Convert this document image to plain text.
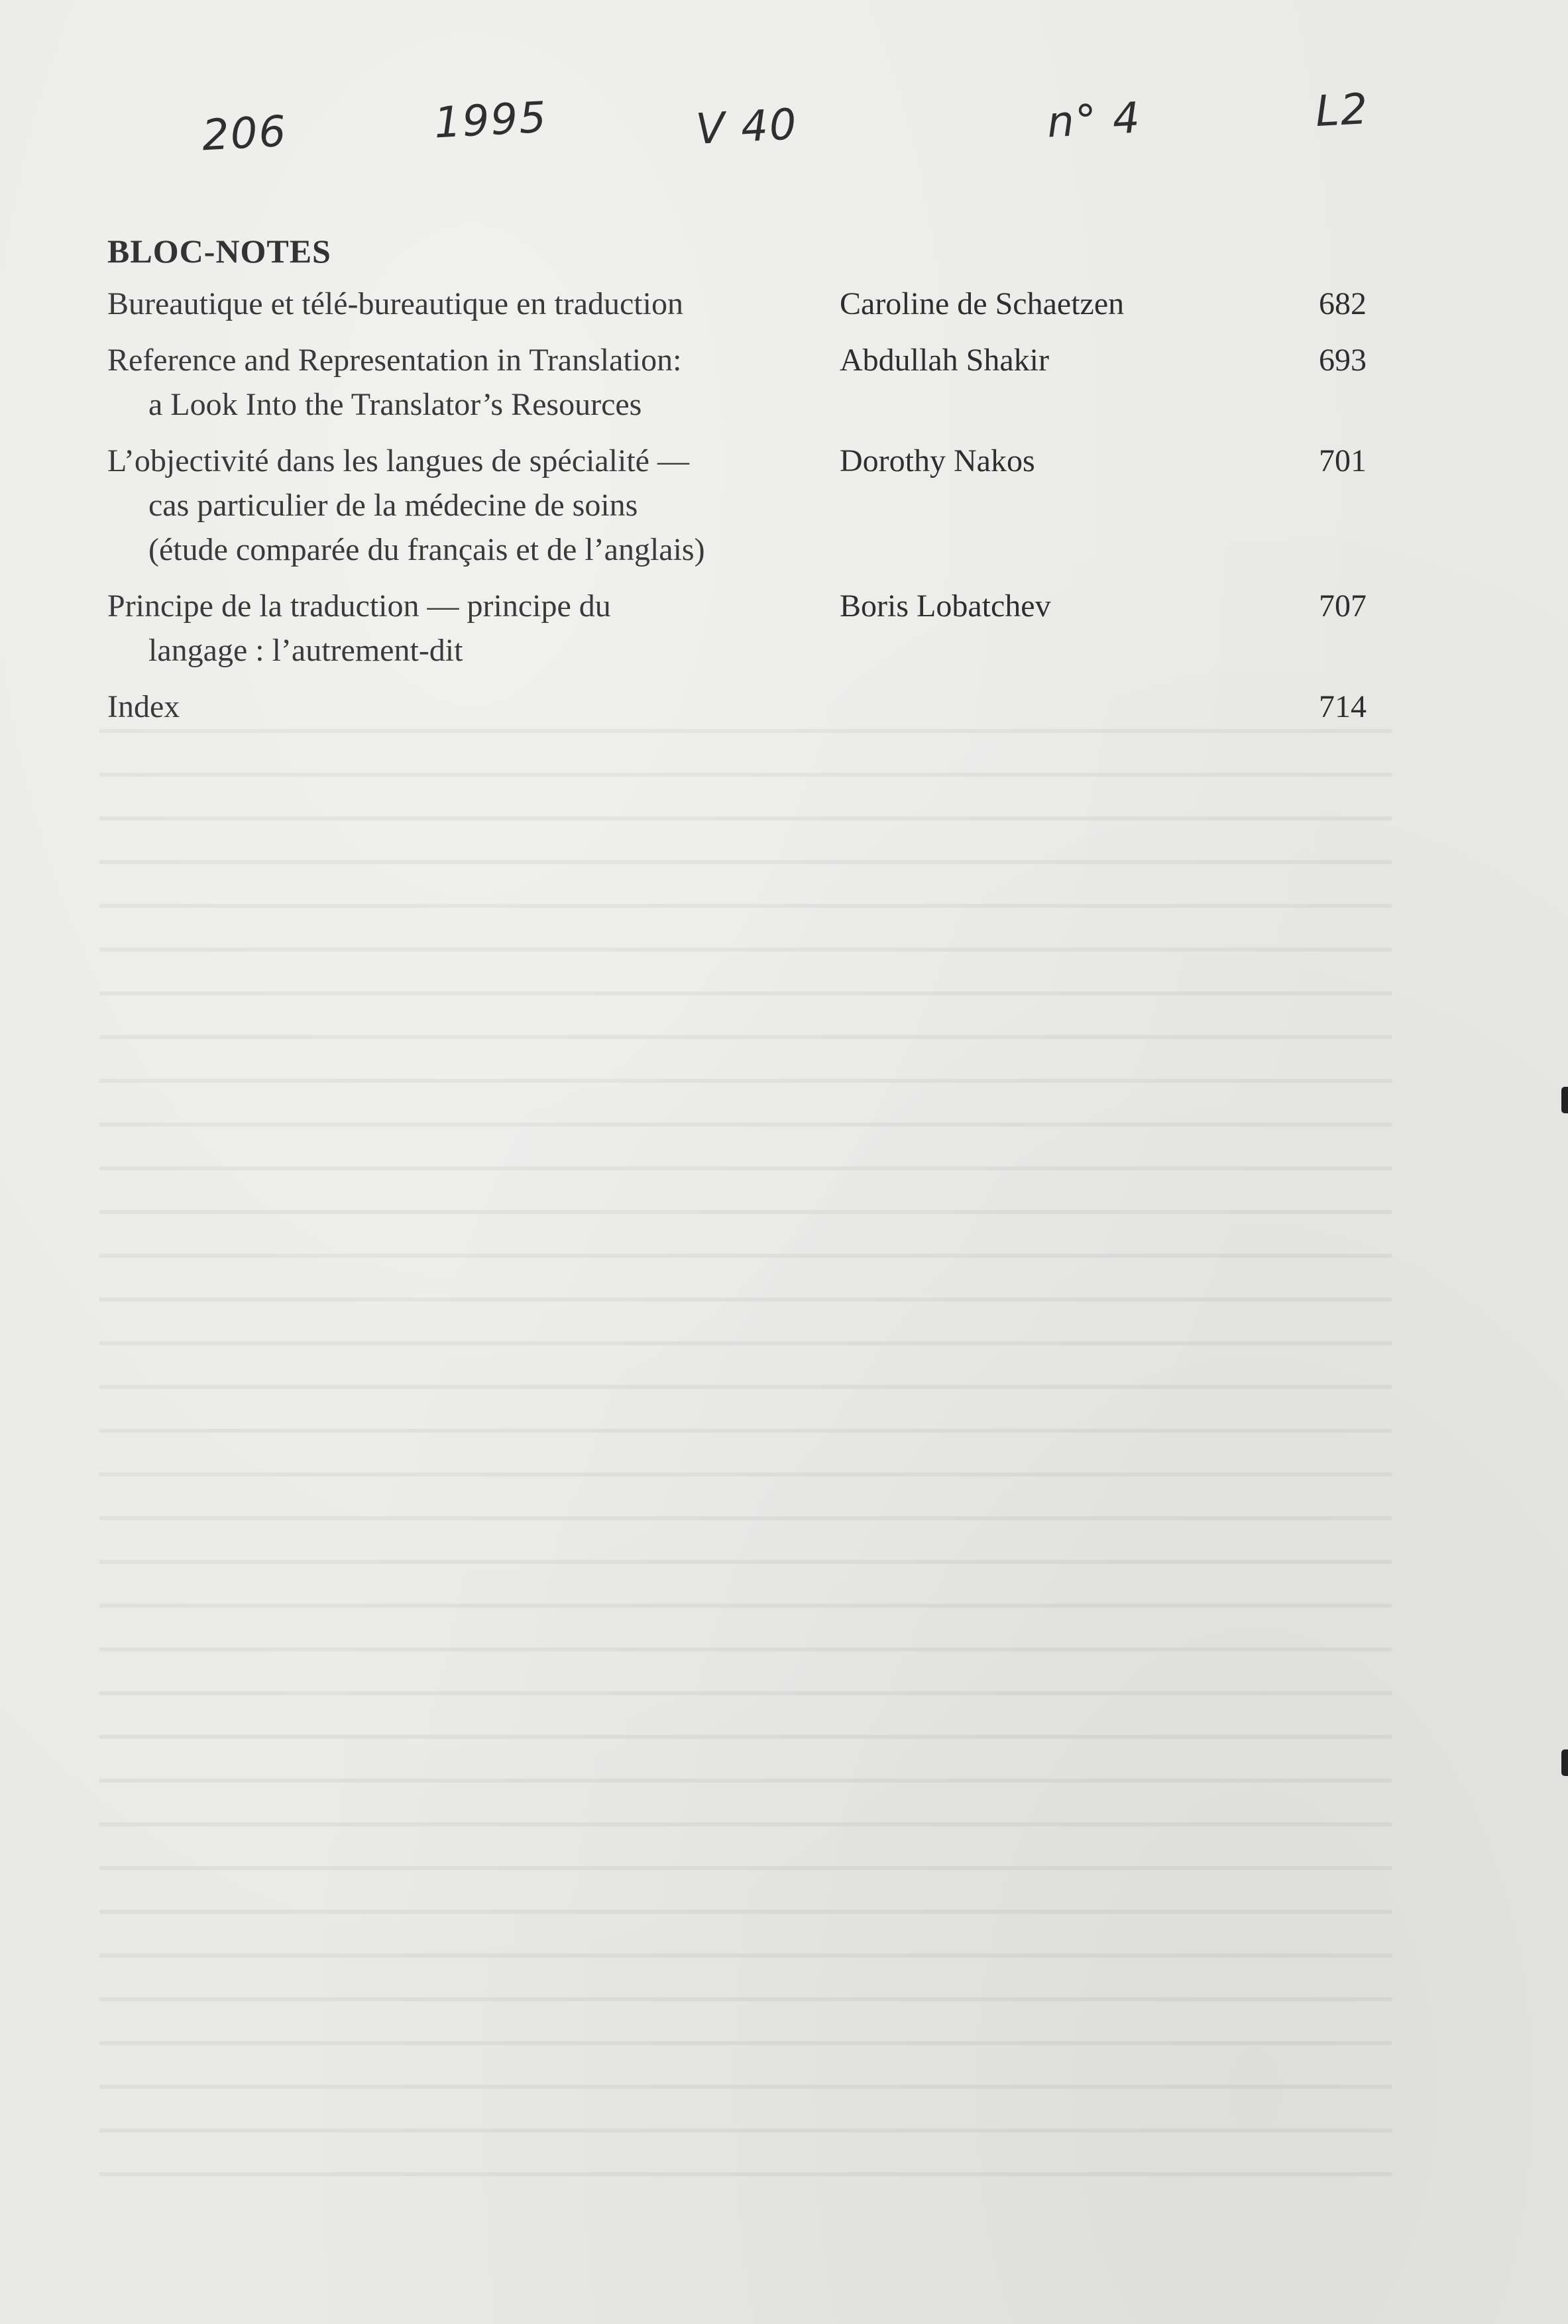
206	1995	V 40	n° 4	L2
BLOC-NOTES
Bureautique et télé-bureautique en traduction	Caroline de Schaetzen	682
Reference and Representation in Translation:
a Look Into the Translator’s Resources
Abdullah Shakir	693
L’objectivité dans les langues de spécialité —
cas particulier de la médecine de soins
(étude comparée du français et de l’anglais)
Dorothy Nakos	701
Principe de la traduction — principe du
langage : l’autrement-dit
Boris Lobatchev	707
Index	714
